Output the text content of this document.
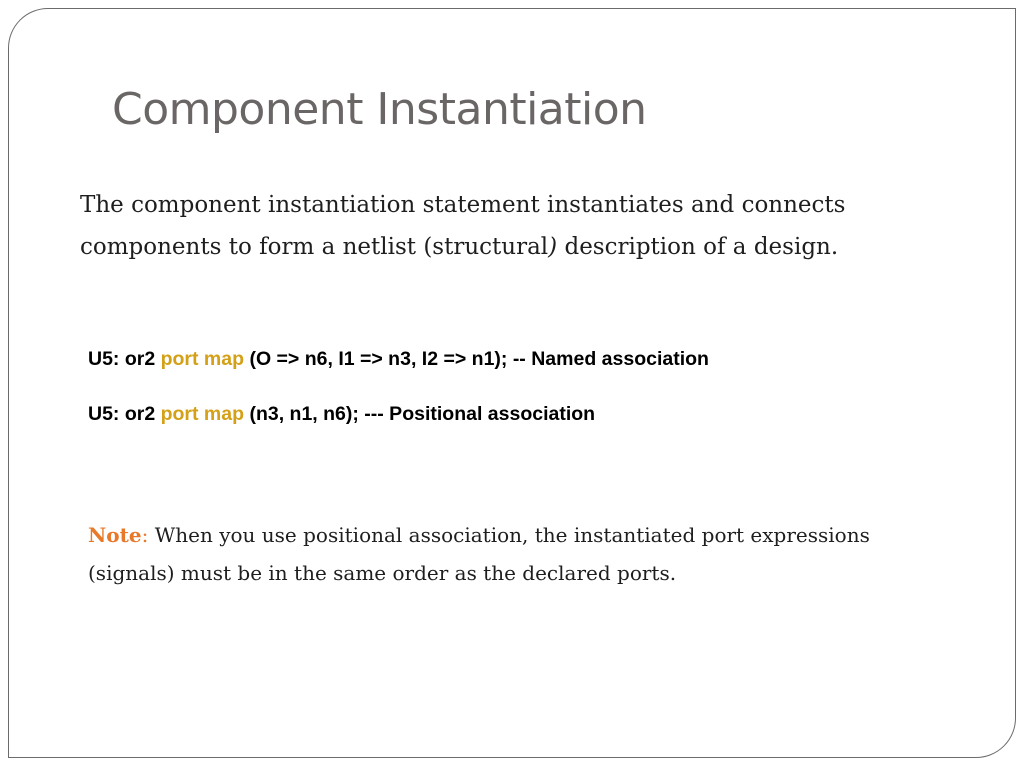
Component Instantiation

The component instantiation statement instantiates and connects components to form a netlist (structural) description of a design.

U5: or2 port map (O => n6, I1 => n3, I2 => n1); -- Named association

U5: or2 port map (n3, n1, n6); --- Positional association

Note: When you use positional association, the instantiated port expressions (signals) must be in the same order as the declared ports.
